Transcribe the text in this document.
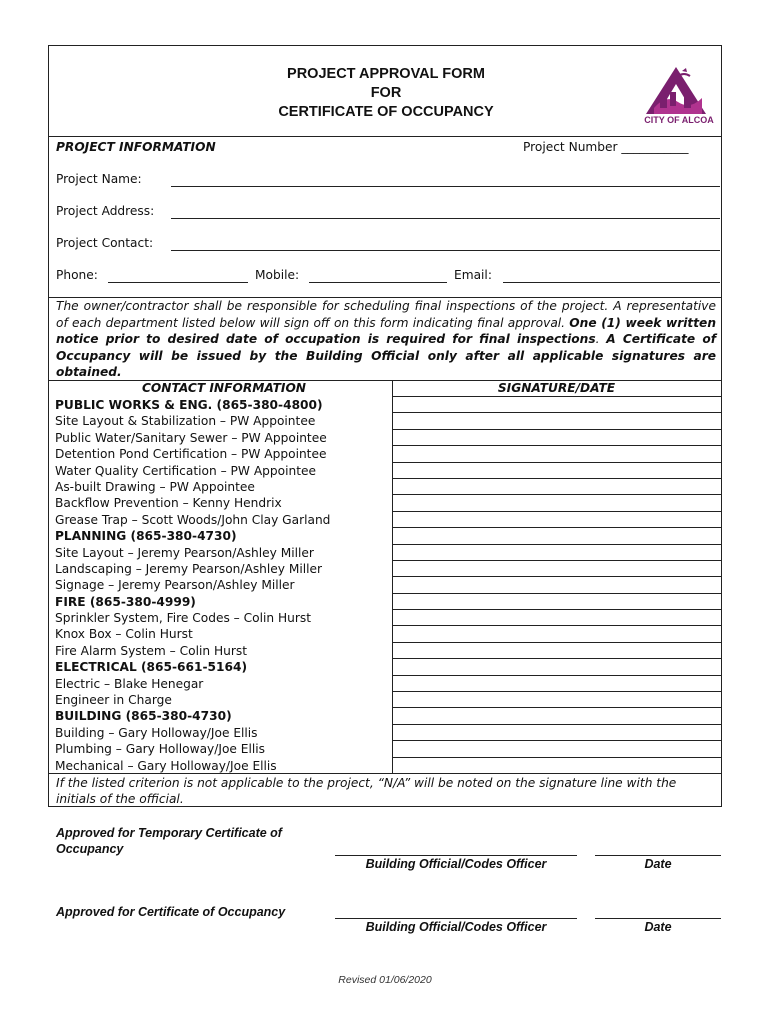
PROJECT APPROVAL FORM
FOR
CERTIFICATE OF OCCUPANCY	CITY OF ALCOA
PROJECT INFORMATION	Project Number ___________
Project Name:
Project Address:
Project Contact:
Phone:	Mobile:	Email:
The owner/contractor shall be responsible for scheduling final inspections of the project. A representative of each department listed below will sign off on this form indicating final approval. One (1) week written notice prior to desired date of occupation is required for final inspections. A Certificate of Occupancy will be issued by the Building Official only after all applicable signatures are obtained.
CONTACT INFORMATION	SIGNATURE/DATE
PUBLIC WORKS & ENG. (865-380-4800)
Site Layout & Stabilization – PW Appointee
Public Water/Sanitary Sewer – PW Appointee
Detention Pond Certification – PW Appointee
Water Quality Certification – PW Appointee
As-built Drawing – PW Appointee
Backflow Prevention – Kenny Hendrix
Grease Trap – Scott Woods/John Clay Garland
PLANNING (865-380-4730)
Site Layout – Jeremy Pearson/Ashley Miller
Landscaping – Jeremy Pearson/Ashley Miller
Signage – Jeremy Pearson/Ashley Miller
FIRE (865-380-4999)
Sprinkler System, Fire Codes – Colin Hurst
Knox Box – Colin Hurst
Fire Alarm System – Colin Hurst
ELECTRICAL (865-661-5164)
Electric – Blake Henegar
Engineer in Charge
BUILDING (865-380-4730)
Building – Gary Holloway/Joe Ellis
Plumbing – Gary Holloway/Joe Ellis
Mechanical – Gary Holloway/Joe Ellis
If the listed criterion is not applicable to the project, “N/A” will be noted on the signature line with the initials of the official.
Approved for Temporary Certificate of Occupancy
Building Official/Codes Officer	Date
Approved for Certificate of Occupancy
Building Official/Codes Officer	Date
Revised 01/06/2020
